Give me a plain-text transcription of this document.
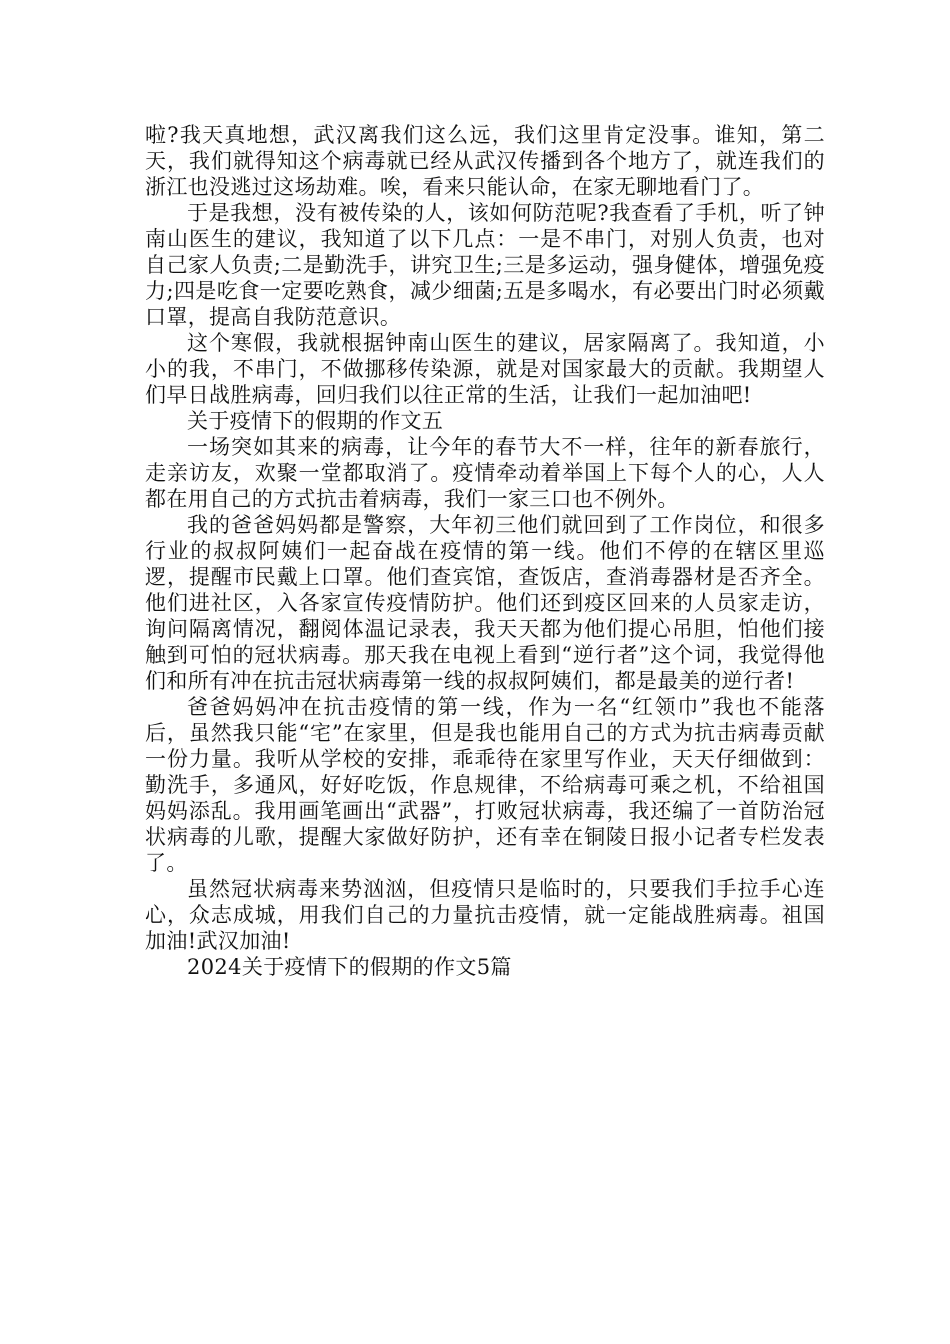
啦?我天真地想，武汉离我们这么远，我们这里肯定没事。谁知，第二天，我们就得知这个病毒就已经从武汉传播到各个地方了，就连我们的浙江也没逃过这场劫难。唉，看来只能认命，在家无聊地看门了。

于是我想，没有被传染的人，该如何防范呢?我查看了手机，听了钟南山医生的建议，我知道了以下几点：一是不串门，对别人负责，也对自己家人负责;二是勤洗手，讲究卫生;三是多运动，强身健体，增强免疫力;四是吃食一定要吃熟食，减少细菌;五是多喝水，有必要出门时必须戴口罩，提高自我防范意识。

这个寒假，我就根据钟南山医生的建议，居家隔离了。我知道，小小的我，不串门，不做挪移传染源，就是对国家最大的贡献。我期望人们早日战胜病毒，回归我们以往正常的生活，让我们一起加油吧!

关于疫情下的假期的作文五

一场突如其来的病毒，让今年的春节大不一样，往年的新春旅行，走亲访友，欢聚一堂都取消了。疫情牵动着举国上下每个人的心，人人都在用自己的方式抗击着病毒，我们一家三口也不例外。

我的爸爸妈妈都是警察，大年初三他们就回到了工作岗位，和很多行业的叔叔阿姨们一起奋战在疫情的第一线。他们不停的在辖区里巡逻，提醒市民戴上口罩。他们查宾馆，查饭店，查消毒器材是否齐全。他们进社区，入各家宣传疫情防护。他们还到疫区回来的人员家走访，询问隔离情况，翻阅体温记录表，我天天都为他们提心吊胆，怕他们接触到可怕的冠状病毒。那天我在电视上看到“逆行者”这个词，我觉得他们和所有冲在抗击冠状病毒第一线的叔叔阿姨们，都是最美的逆行者!

爸爸妈妈冲在抗击疫情的第一线，作为一名“红领巾”我也不能落后，虽然我只能“宅”在家里，但是我也能用自己的方式为抗击病毒贡献一份力量。我听从学校的安排，乖乖待在家里写作业，天天仔细做到：勤洗手，多通风，好好吃饭，作息规律，不给病毒可乘之机，不给祖国妈妈添乱。我用画笔画出“武器”，打败冠状病毒，我还编了一首防治冠状病毒的儿歌，提醒大家做好防护，还有幸在铜陵日报小记者专栏发表了。

虽然冠状病毒来势汹汹，但疫情只是临时的，只要我们手拉手心连心，众志成城，用我们自己的力量抗击疫情，就一定能战胜病毒。祖国加油!武汉加油!

2024关于疫情下的假期的作文5篇
